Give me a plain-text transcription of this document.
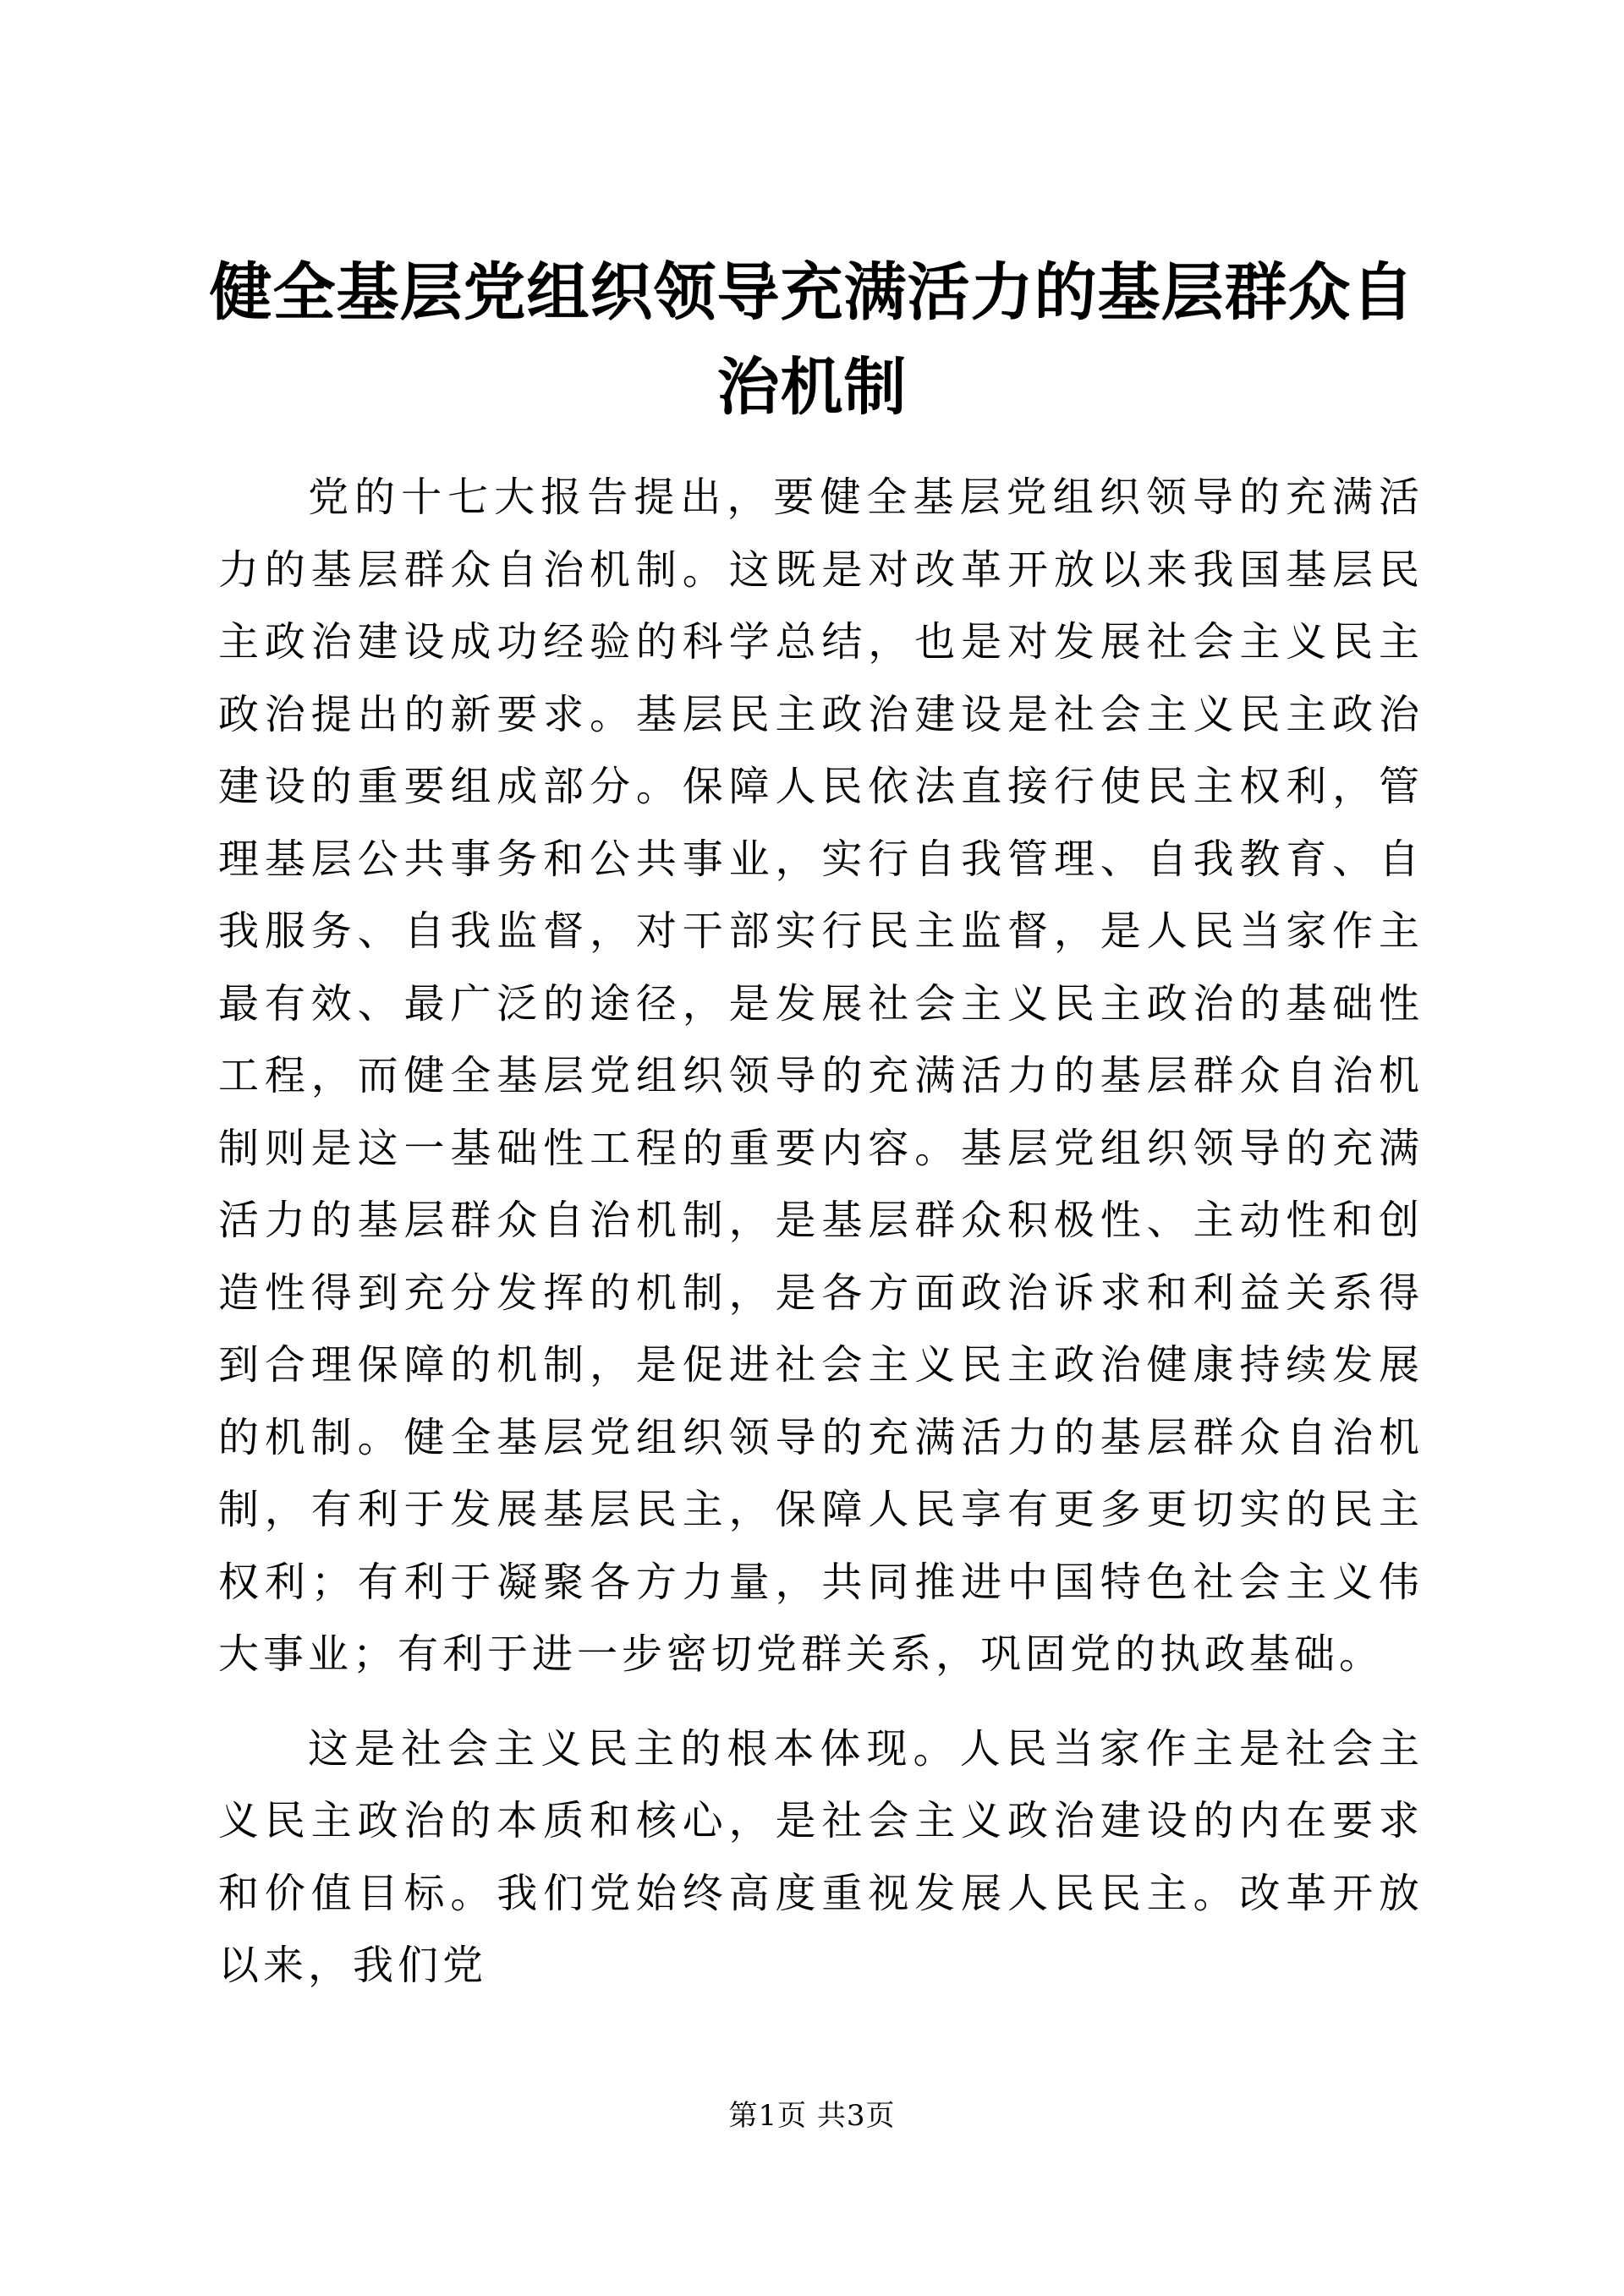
健全基层党组织领导充满活力的基层群众自治机制

党的十七大报告提出，要健全基层党组织领导的充满活力的基层群众自治机制。这既是对改革开放以来我国基层民主政治建设成功经验的科学总结，也是对发展社会主义民主政治提出的新要求。基层民主政治建设是社会主义民主政治建设的重要组成部分。保障人民依法直接行使民主权利，管理基层公共事务和公共事业，实行自我管理、自我教育、自我服务、自我监督，对干部实行民主监督，是人民当家作主最有效、最广泛的途径，是发展社会主义民主政治的基础性工程，而健全基层党组织领导的充满活力的基层群众自治机制则是这一基础性工程的重要内容。基层党组织领导的充满活力的基层群众自治机制，是基层群众积极性、主动性和创造性得到充分发挥的机制，是各方面政治诉求和利益关系得到合理保障的机制，是促进社会主义民主政治健康持续发展的机制。健全基层党组织领导的充满活力的基层群众自治机制，有利于发展基层民主，保障人民享有更多更切实的民主权利；有利于凝聚各方力量，共同推进中国特色社会主义伟大事业；有利于进一步密切党群关系，巩固党的执政基础。

这是社会主义民主的根本体现。人民当家作主是社会主义民主政治的本质和核心，是社会主义政治建设的内在要求和价值目标。我们党始终高度重视发展人民民主。改革开放以来，我们党

第1页 共3页
